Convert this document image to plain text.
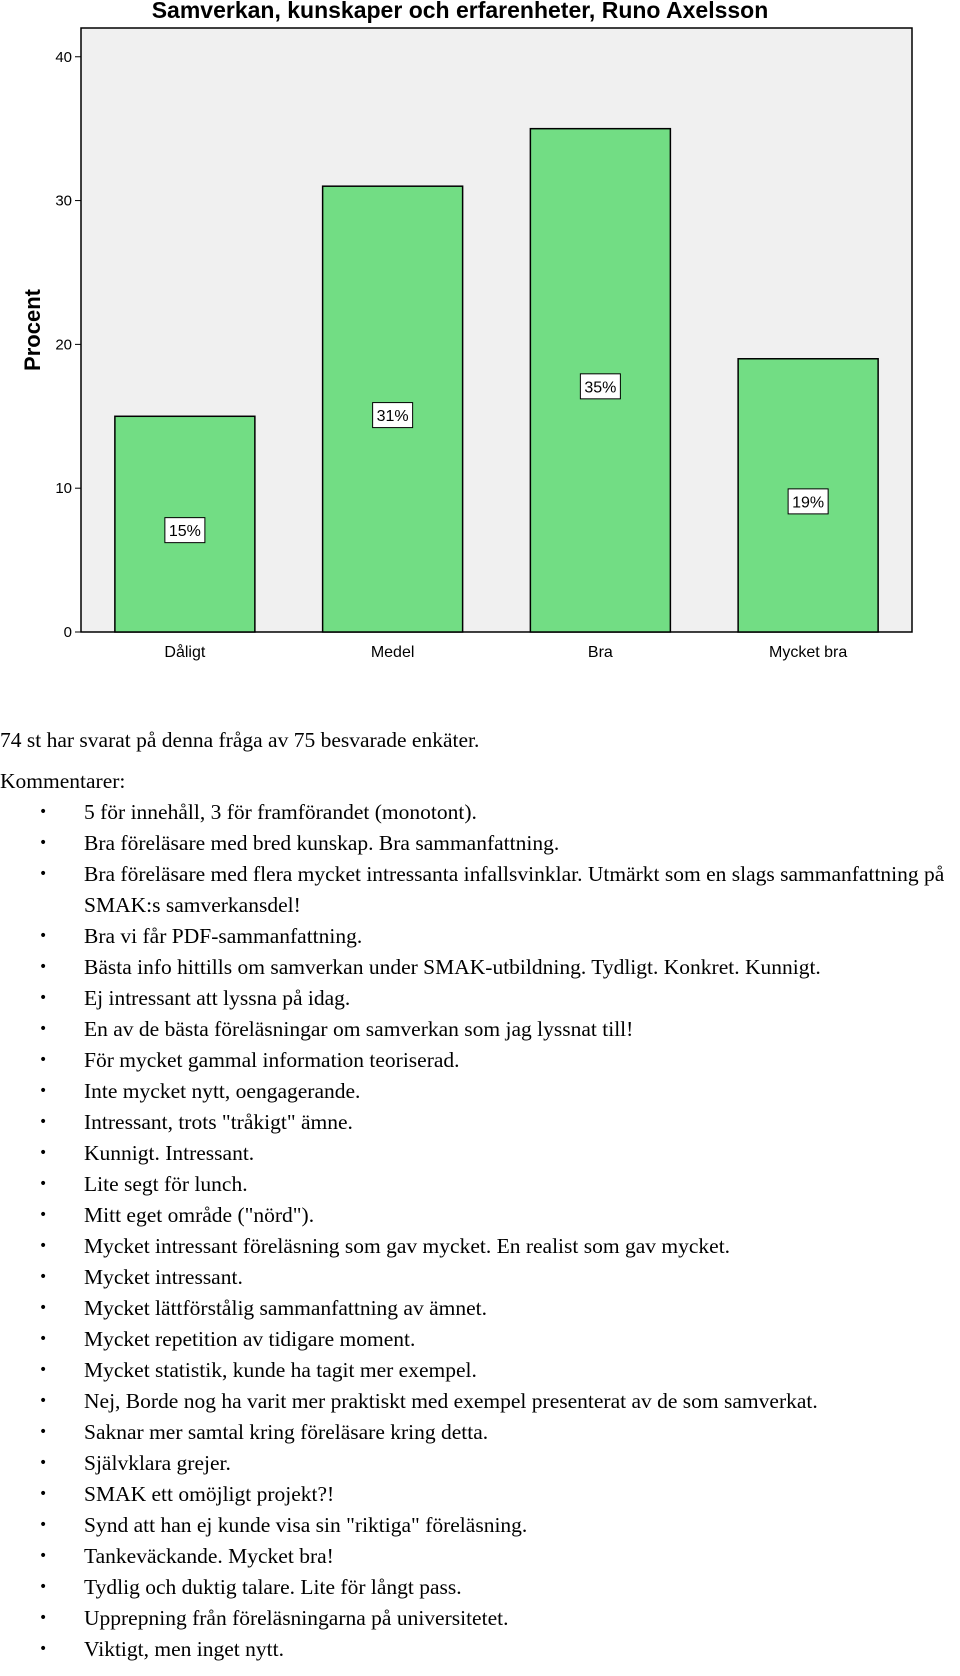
Samverkan, kunskaper och erfarenheter, Runo Axelsson
Procent
0
10
20
30
40
15%
31%
35%
19%
Dåligt	Medel	Bra	Mycket bra

74 st har svarat på denna fråga av 75 besvarade enkäter.

Kommentarer:

• 5 för innehåll, 3 för framförandet (monotont).
• Bra föreläsare med bred kunskap. Bra sammanfattning.
• Bra föreläsare med flera mycket intressanta infallsvinklar. Utmärkt som en slags sammanfattning på SMAK:s samverkansdel!
• Bra vi får PDF-sammanfattning.
• Bästa info hittills om samverkan under SMAK-utbildning. Tydligt. Konkret. Kunnigt.
• Ej intressant att lyssna på idag.
• En av de bästa föreläsningar om samverkan som jag lyssnat till!
• För mycket gammal information teoriserad.
• Inte mycket nytt, oengagerande.
• Intressant, trots "tråkigt" ämne.
• Kunnigt. Intressant.
• Lite segt för lunch.
• Mitt eget område ("nörd").
• Mycket intressant föreläsning som gav mycket. En realist som gav mycket.
• Mycket intressant.
• Mycket lättförstålig sammanfattning av ämnet.
• Mycket repetition av tidigare moment.
• Mycket statistik, kunde ha tagit mer exempel.
• Nej, Borde nog ha varit mer praktiskt med exempel presenterat av de som samverkat.
• Saknar mer samtal kring föreläsare kring detta.
• Självklara grejer.
• SMAK ett omöjligt projekt?!
• Synd att han ej kunde visa sin "riktiga" föreläsning.
• Tankeväckande. Mycket bra!
• Tydlig och duktig talare. Lite för långt pass.
• Upprepning från föreläsningarna på universitetet.
• Viktigt, men inget nytt.
